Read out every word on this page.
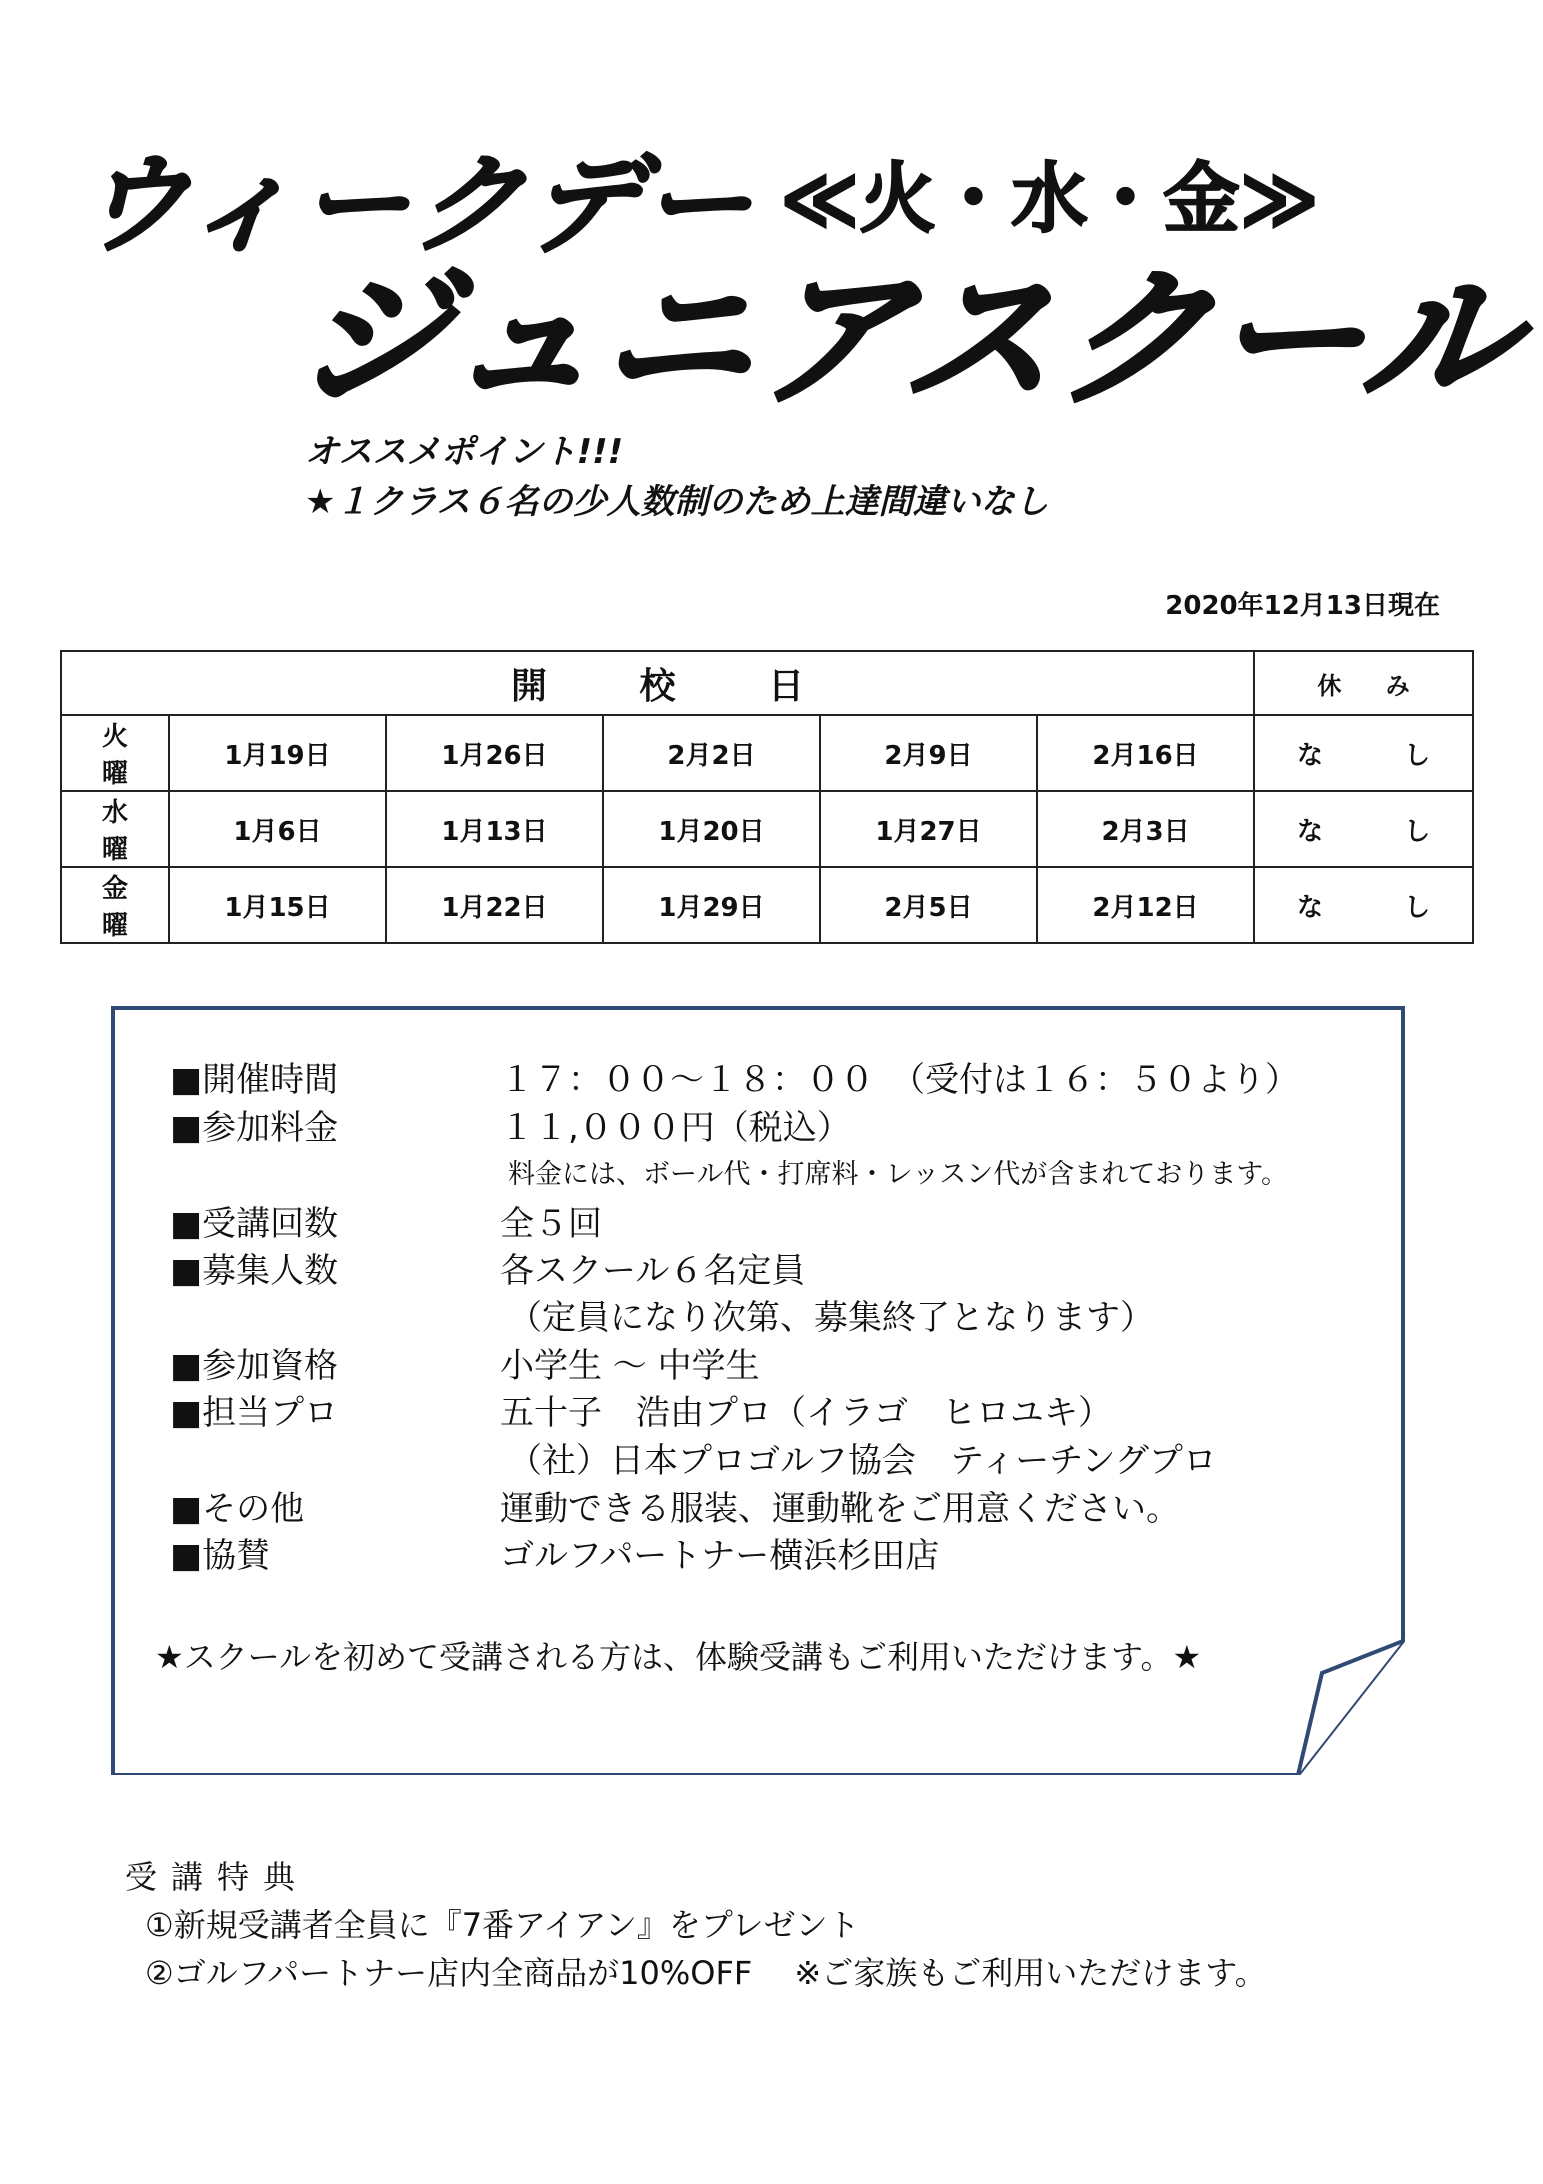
ウィークデー ≪火・水・金≫
ジュニアスクール
オススメポイント!!!
★１クラス６名の少人数制のため上達間違いなし
2020年12月13日現在
開 校 日						休 み
火 曜	1月19日	1月26日	2月2日	2月9日	2月16日	な し
水 曜	1月6日	1月13日	1月20日	1月27日	2月3日	な し
金 曜	1月15日	1月22日	1月29日	2月5日	2月12日	な し
■開催時間	１７：００～１８：００　（受付は１６：５０より）
■参加料金	１１,０００円（税込）
料金には、ボール代・打席料・レッスン代が含まれております。
■受講回数	全５回
■募集人数	各スクール６名定員
（定員になり次第、募集終了となります）
■参加資格	小学生 ～ 中学生
■担当プロ	五十子　浩由プロ（イラゴ　ヒロユキ）
（社）日本プロゴルフ協会　ティーチングプロ
■その他	運動できる服装、運動靴をご用意ください。
■協賛	ゴルフパートナー横浜杉田店
★スクールを初めて受講される方は、体験受講もご利用いただけます。★
受講特典
①新規受講者全員に『7番アイアン』をプレゼント
②ゴルフパートナー店内全商品が10%OFF　 ※ご家族もご利用いただけます。
